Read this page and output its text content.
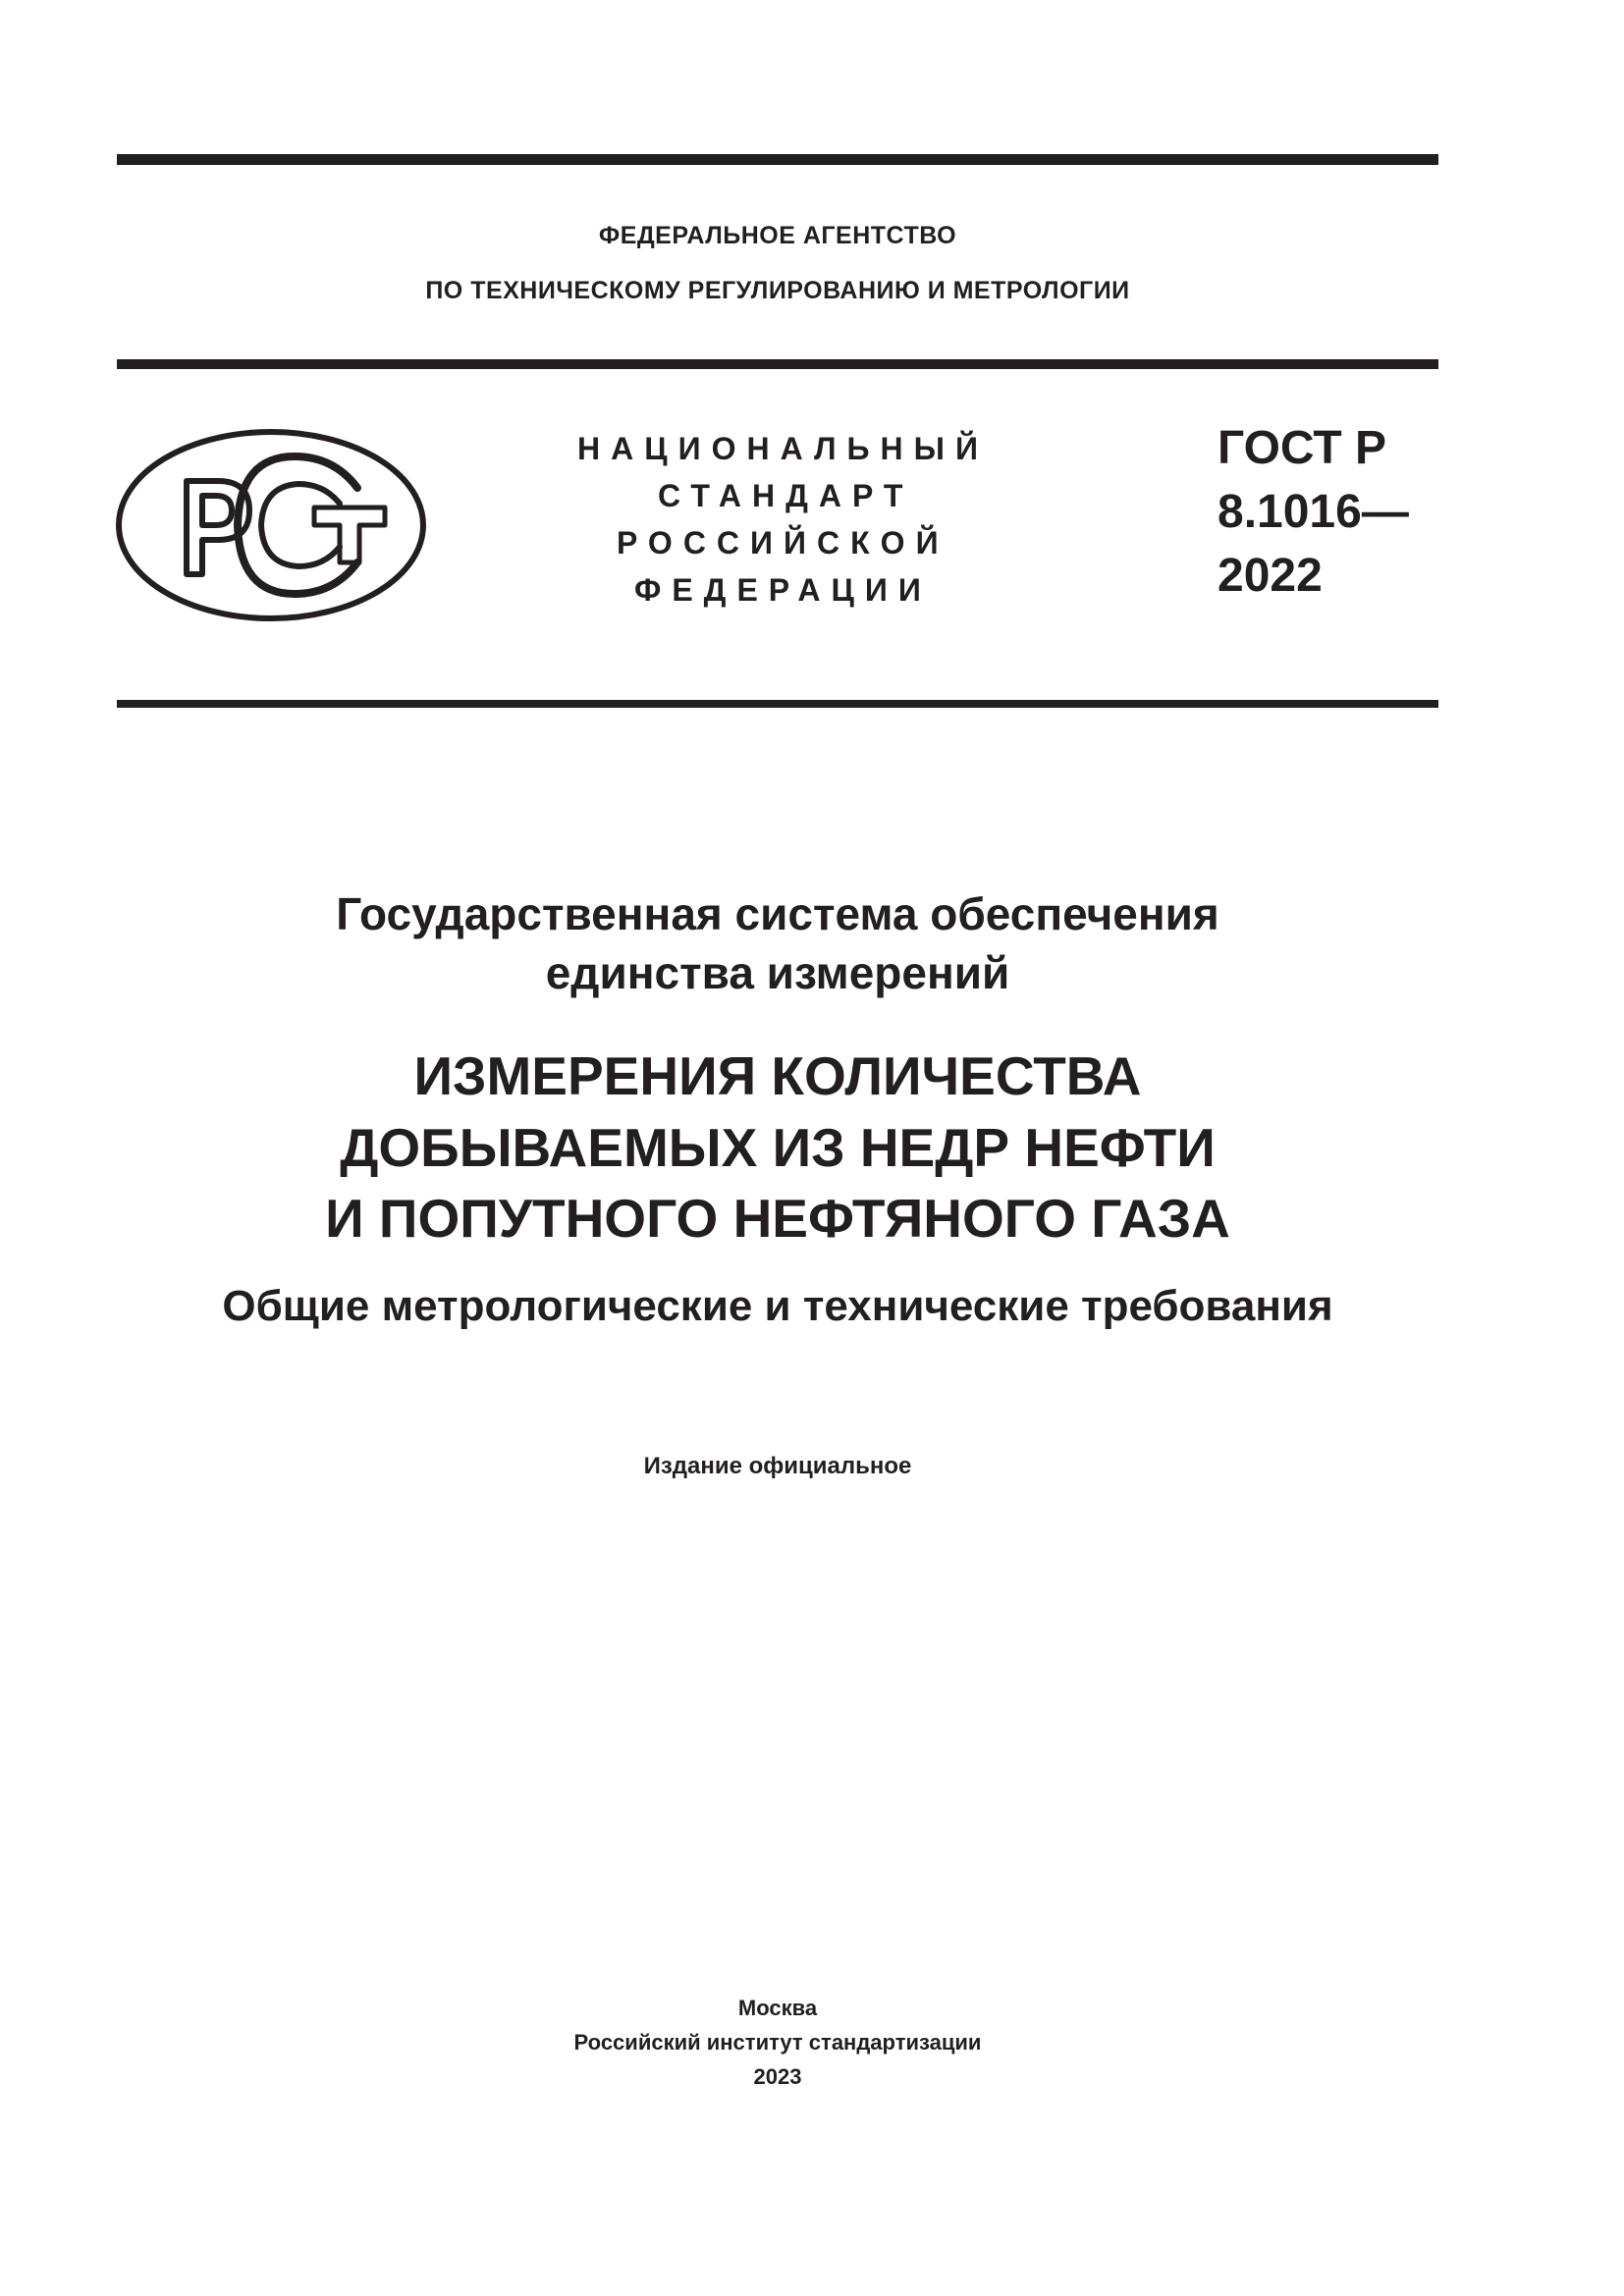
ФЕДЕРАЛЬНОЕ АГЕНТСТВО
ПО ТЕХНИЧЕСКОМУ РЕГУЛИРОВАНИЮ И МЕТРОЛОГИИ
НАЦИОНАЛЬНЫЙ
СТАНДАРТ
РОССИЙСКОЙ
ФЕДЕРАЦИИ
ГОСТ Р
8.1016—
2022
Государственная система обеспечения
единства измерений
ИЗМЕРЕНИЯ КОЛИЧЕСТВА
ДОБЫВАЕМЫХ ИЗ НЕДР НЕФТИ
И ПОПУТНОГО НЕФТЯНОГО ГАЗА
Общие метрологические и технические требования
Издание официальное
Москва
Российский институт стандартизации
2023
